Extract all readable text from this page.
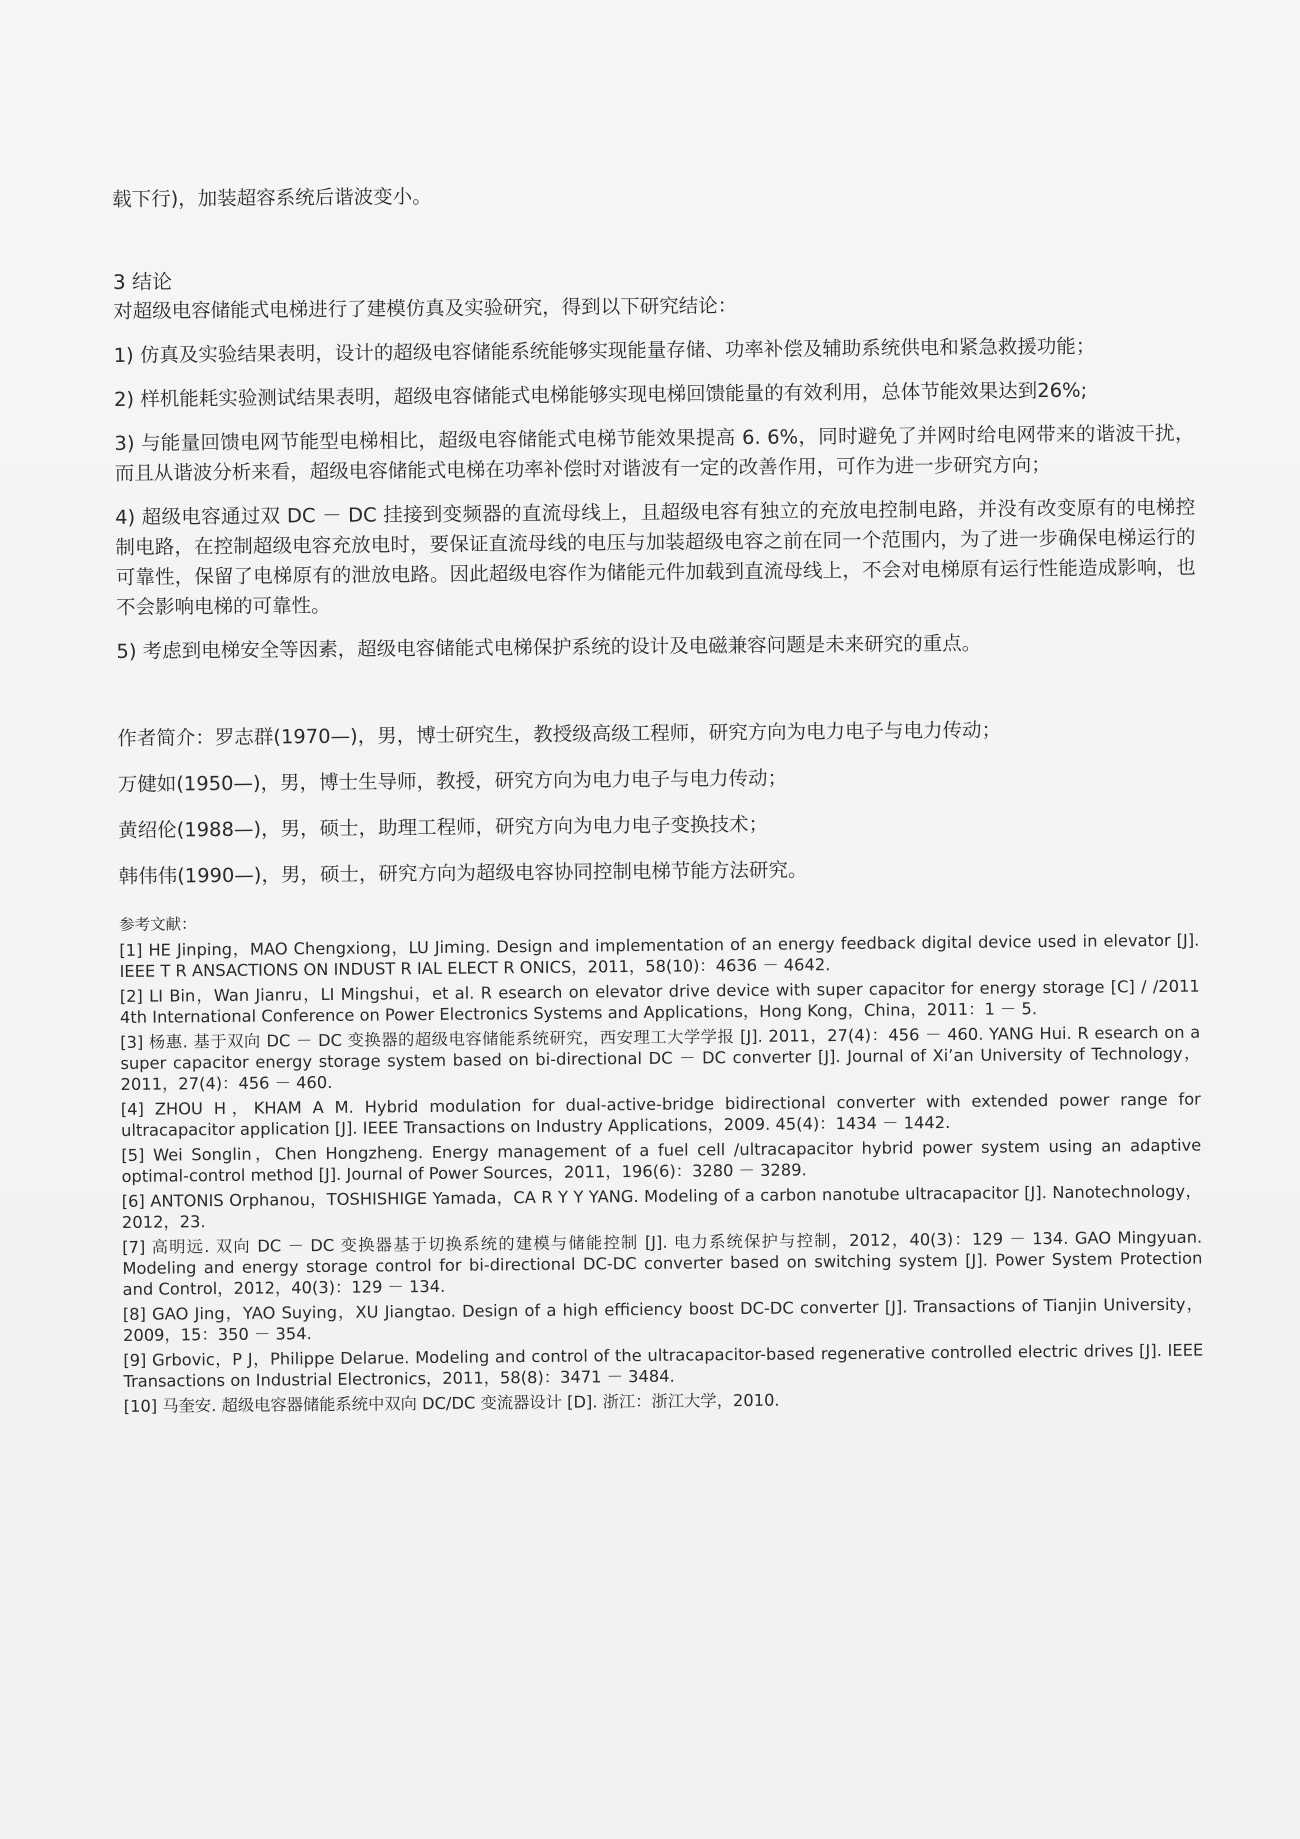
载下行)，加装超容系统后谐波变小。

3 结论

对超级电容储能式电梯进行了建模仿真及实验研究，得到以下研究结论：

1) 仿真及实验结果表明，设计的超级电容储能系统能够实现能量存储、功率补偿及辅助系统供电和紧急救援功能；

2) 样机能耗实验测试结果表明，超级电容储能式电梯能够实现电梯回馈能量的有效利用，总体节能效果达到26%;

3) 与能量回馈电网节能型电梯相比，超级电容储能式电梯节能效果提高 6. 6%，同时避免了并网时给电网带来的谐波干扰，而且从谐波分析来看，超级电容储能式电梯在功率补偿时对谐波有一定的改善作用，可作为进一步研究方向；

4) 超级电容通过双 DC － DC 挂接到变频器的直流母线上，且超级电容有独立的充放电控制电路，并没有改变原有的电梯控制电路，在控制超级电容充放电时，要保证直流母线的电压与加装超级电容之前在同一个范围内，为了进一步确保电梯运行的可靠性，保留了电梯原有的泄放电路。因此超级电容作为储能元件加载到直流母线上，不会对电梯原有运行性能造成影响，也不会影响电梯的可靠性。

5) 考虑到电梯安全等因素，超级电容储能式电梯保护系统的设计及电磁兼容问题是未来研究的重点。

作者简介：罗志群(1970—)，男，博士研究生，教授级高级工程师，研究方向为电力电子与电力传动；

万健如(1950—)，男，博士生导师，教授，研究方向为电力电子与电力传动；

黄绍伦(1988—)，男，硕士，助理工程师，研究方向为电力电子变换技术；

韩伟伟(1990—)，男，硕士，研究方向为超级电容协同控制电梯节能方法研究。

参考文献：

[1] HE Jinping，MAO Chengxiong，LU Jiming. Design and implementation of an energy feedback digital device used in elevator [J]. IEEE T R ANSACTIONS ON INDUST R IAL ELECT R ONICS，2011，58(10)：4636 － 4642.

[2] LI Bin，Wan Jianru，LI Mingshui，et al. R esearch on elevator drive device with super capacitor for energy storage [C] / /2011 4th International Conference on Power Electronics Systems and Applications，Hong Kong，China，2011：1 － 5.

[3] 杨惠. 基于双向 DC － DC 变换器的超级电容储能系统研究，西安理工大学学报 [J]. 2011，27(4)：456 － 460. YANG Hui. R esearch on a super capacitor energy storage system based on bi-directional DC － DC converter [J]. Journal of Xi’an University of Technology，2011，27(4)：456 － 460.

[4] ZHOU H，KHAM A M. Hybrid modulation for dual-active-bridge bidirectional converter with extended power range for ultracapacitor application [J]. IEEE Transactions on Industry Applications，2009. 45(4)：1434 － 1442.

[5] Wei Songlin，Chen Hongzheng. Energy management of a fuel cell /ultracapacitor hybrid power system using an adaptive optimal-control method [J]. Journal of Power Sources，2011，196(6)：3280 － 3289.

[6] ANTONIS Orphanou，TOSHISHIGE Yamada，CA R Y Y YANG. Modeling of a carbon nanotube ultracapacitor [J]. Nanotechnology，2012，23.

[7] 高明远. 双向 DC － DC 变换器基于切换系统的建模与储能控制 [J]. 电力系统保护与控制，2012，40(3)：129 － 134. GAO Mingyuan. Modeling and energy storage control for bi-directional DC-DC converter based on switching system [J]. Power System Protection and Control，2012，40(3)：129 － 134.

[8] GAO Jing，YAO Suying，XU Jiangtao. Design of a high efficiency boost DC-DC converter [J]. Transactions of Tianjin University，2009，15：350 － 354.

[9] Grbovic，P J，Philippe Delarue. Modeling and control of the ultracapacitor-based regenerative controlled electric drives [J]. IEEE Transactions on Industrial Electronics，2011，58(8)：3471 － 3484.

[10] 马奎安. 超级电容器储能系统中双向 DC/DC 变流器设计 [D]. 浙江：浙江大学，2010.
